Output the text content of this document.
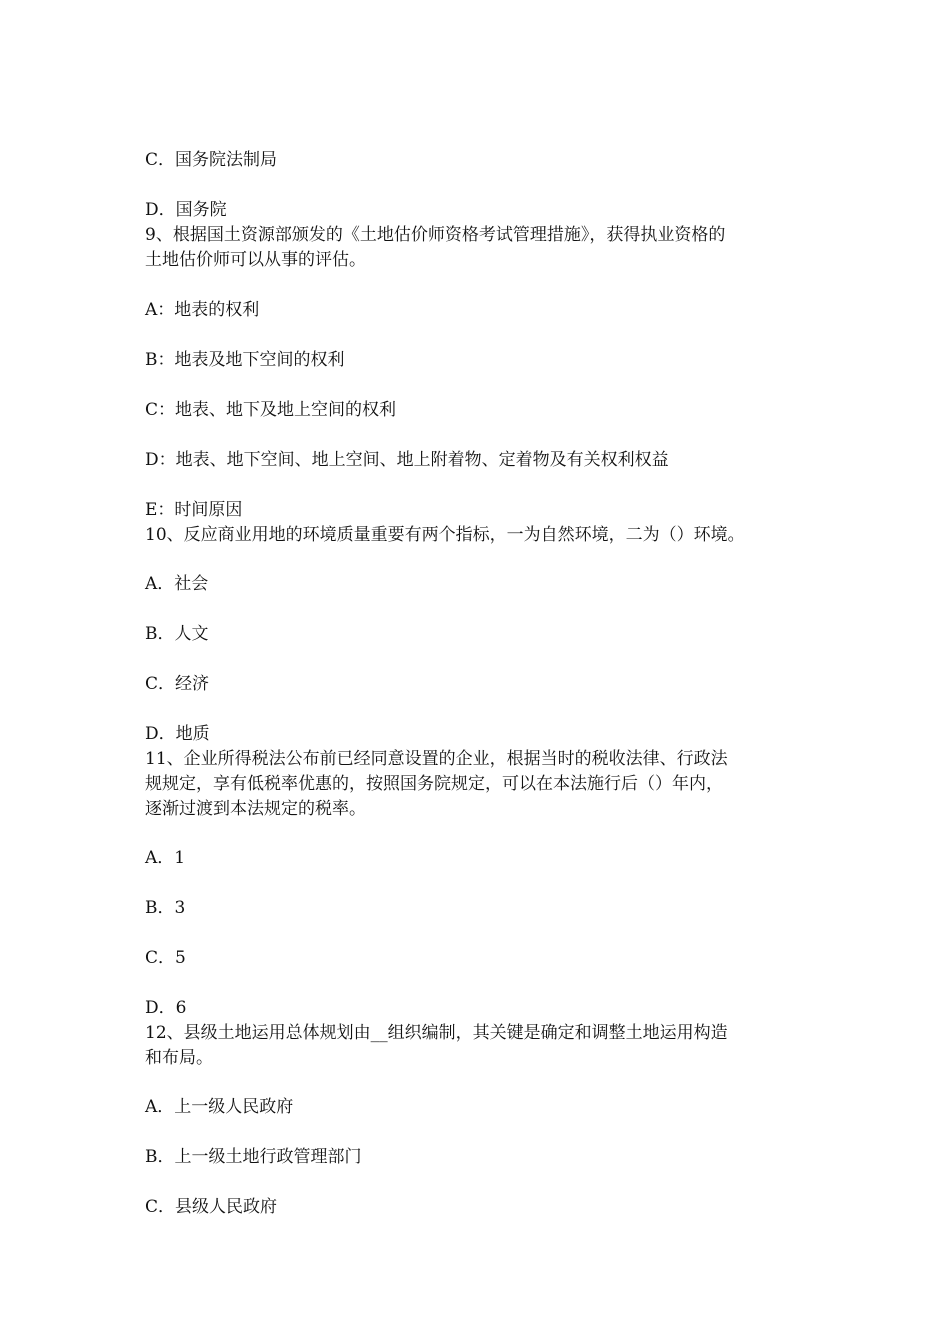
C．国务院法制局
D．国务院
9、根据国土资源部颁发的《土地估价师资格考试管理措施》，获得执业资格的
土地估价师可以从事的评估。
A：地表的权利
B：地表及地下空间的权利
C：地表、地下及地上空间的权利
D：地表、地下空间、地上空间、地上附着物、定着物及有关权利权益
E：时间原因
10、反应商业用地的环境质量重要有两个指标，一为自然环境，二为（）环境。
A．社会
B．人文
C．经济
D．地质
11、企业所得税法公布前已经同意设置的企业，根据当时的税收法律、行政法
规规定，享有低税率优惠的，按照国务院规定，可以在本法施行后（）年内，
逐渐过渡到本法规定的税率。
A．1
B．3
C．5
D．6
12、县级土地运用总体规划由__组织编制，其关键是确定和调整土地运用构造
和布局。
A．上一级人民政府
B．上一级土地行政管理部门
C．县级人民政府
